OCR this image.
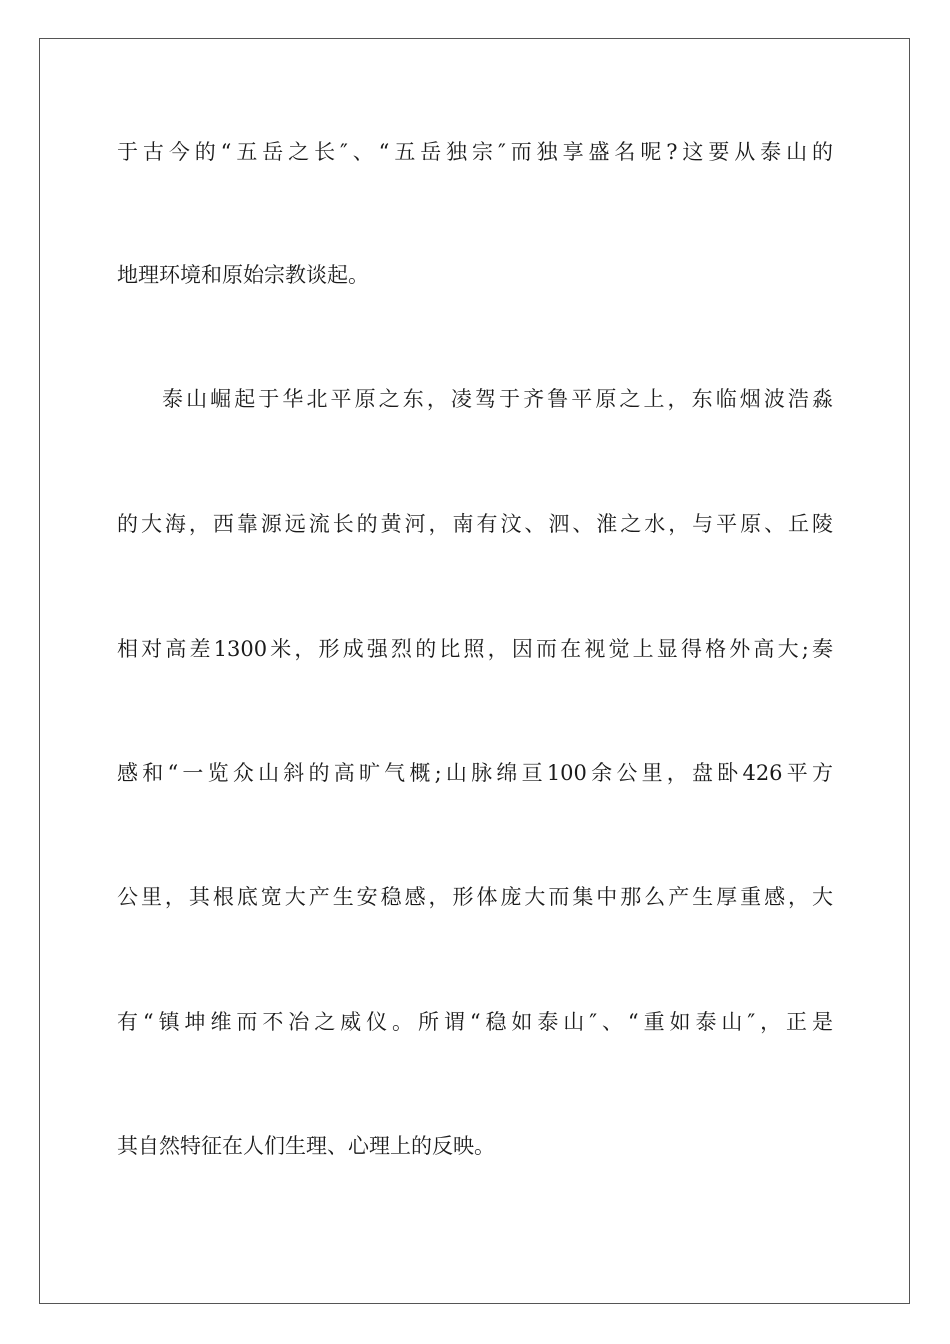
于古今的“五岳之长″、“五岳独宗″而独享盛名呢?这要从泰山的
地理环境和原始宗教谈起。
泰山崛起于华北平原之东，凌驾于齐鲁平原之上，东临烟波浩淼
的大海，西靠源远流长的黄河，南有汶、泗、淮之水，与平原、丘陵
相对高差1300米，形成强烈的比照，因而在视觉上显得格外高大;奏
感和“一览众山斜的高旷气概;山脉绵亘100余公里，盘卧426平方
公里，其根底宽大产生安稳感，形体庞大而集中那么产生厚重感，大
有“镇坤维而不冶之威仪。所谓“稳如泰山″、“重如泰山″，正是
其自然特征在人们生理、心理上的反映。
